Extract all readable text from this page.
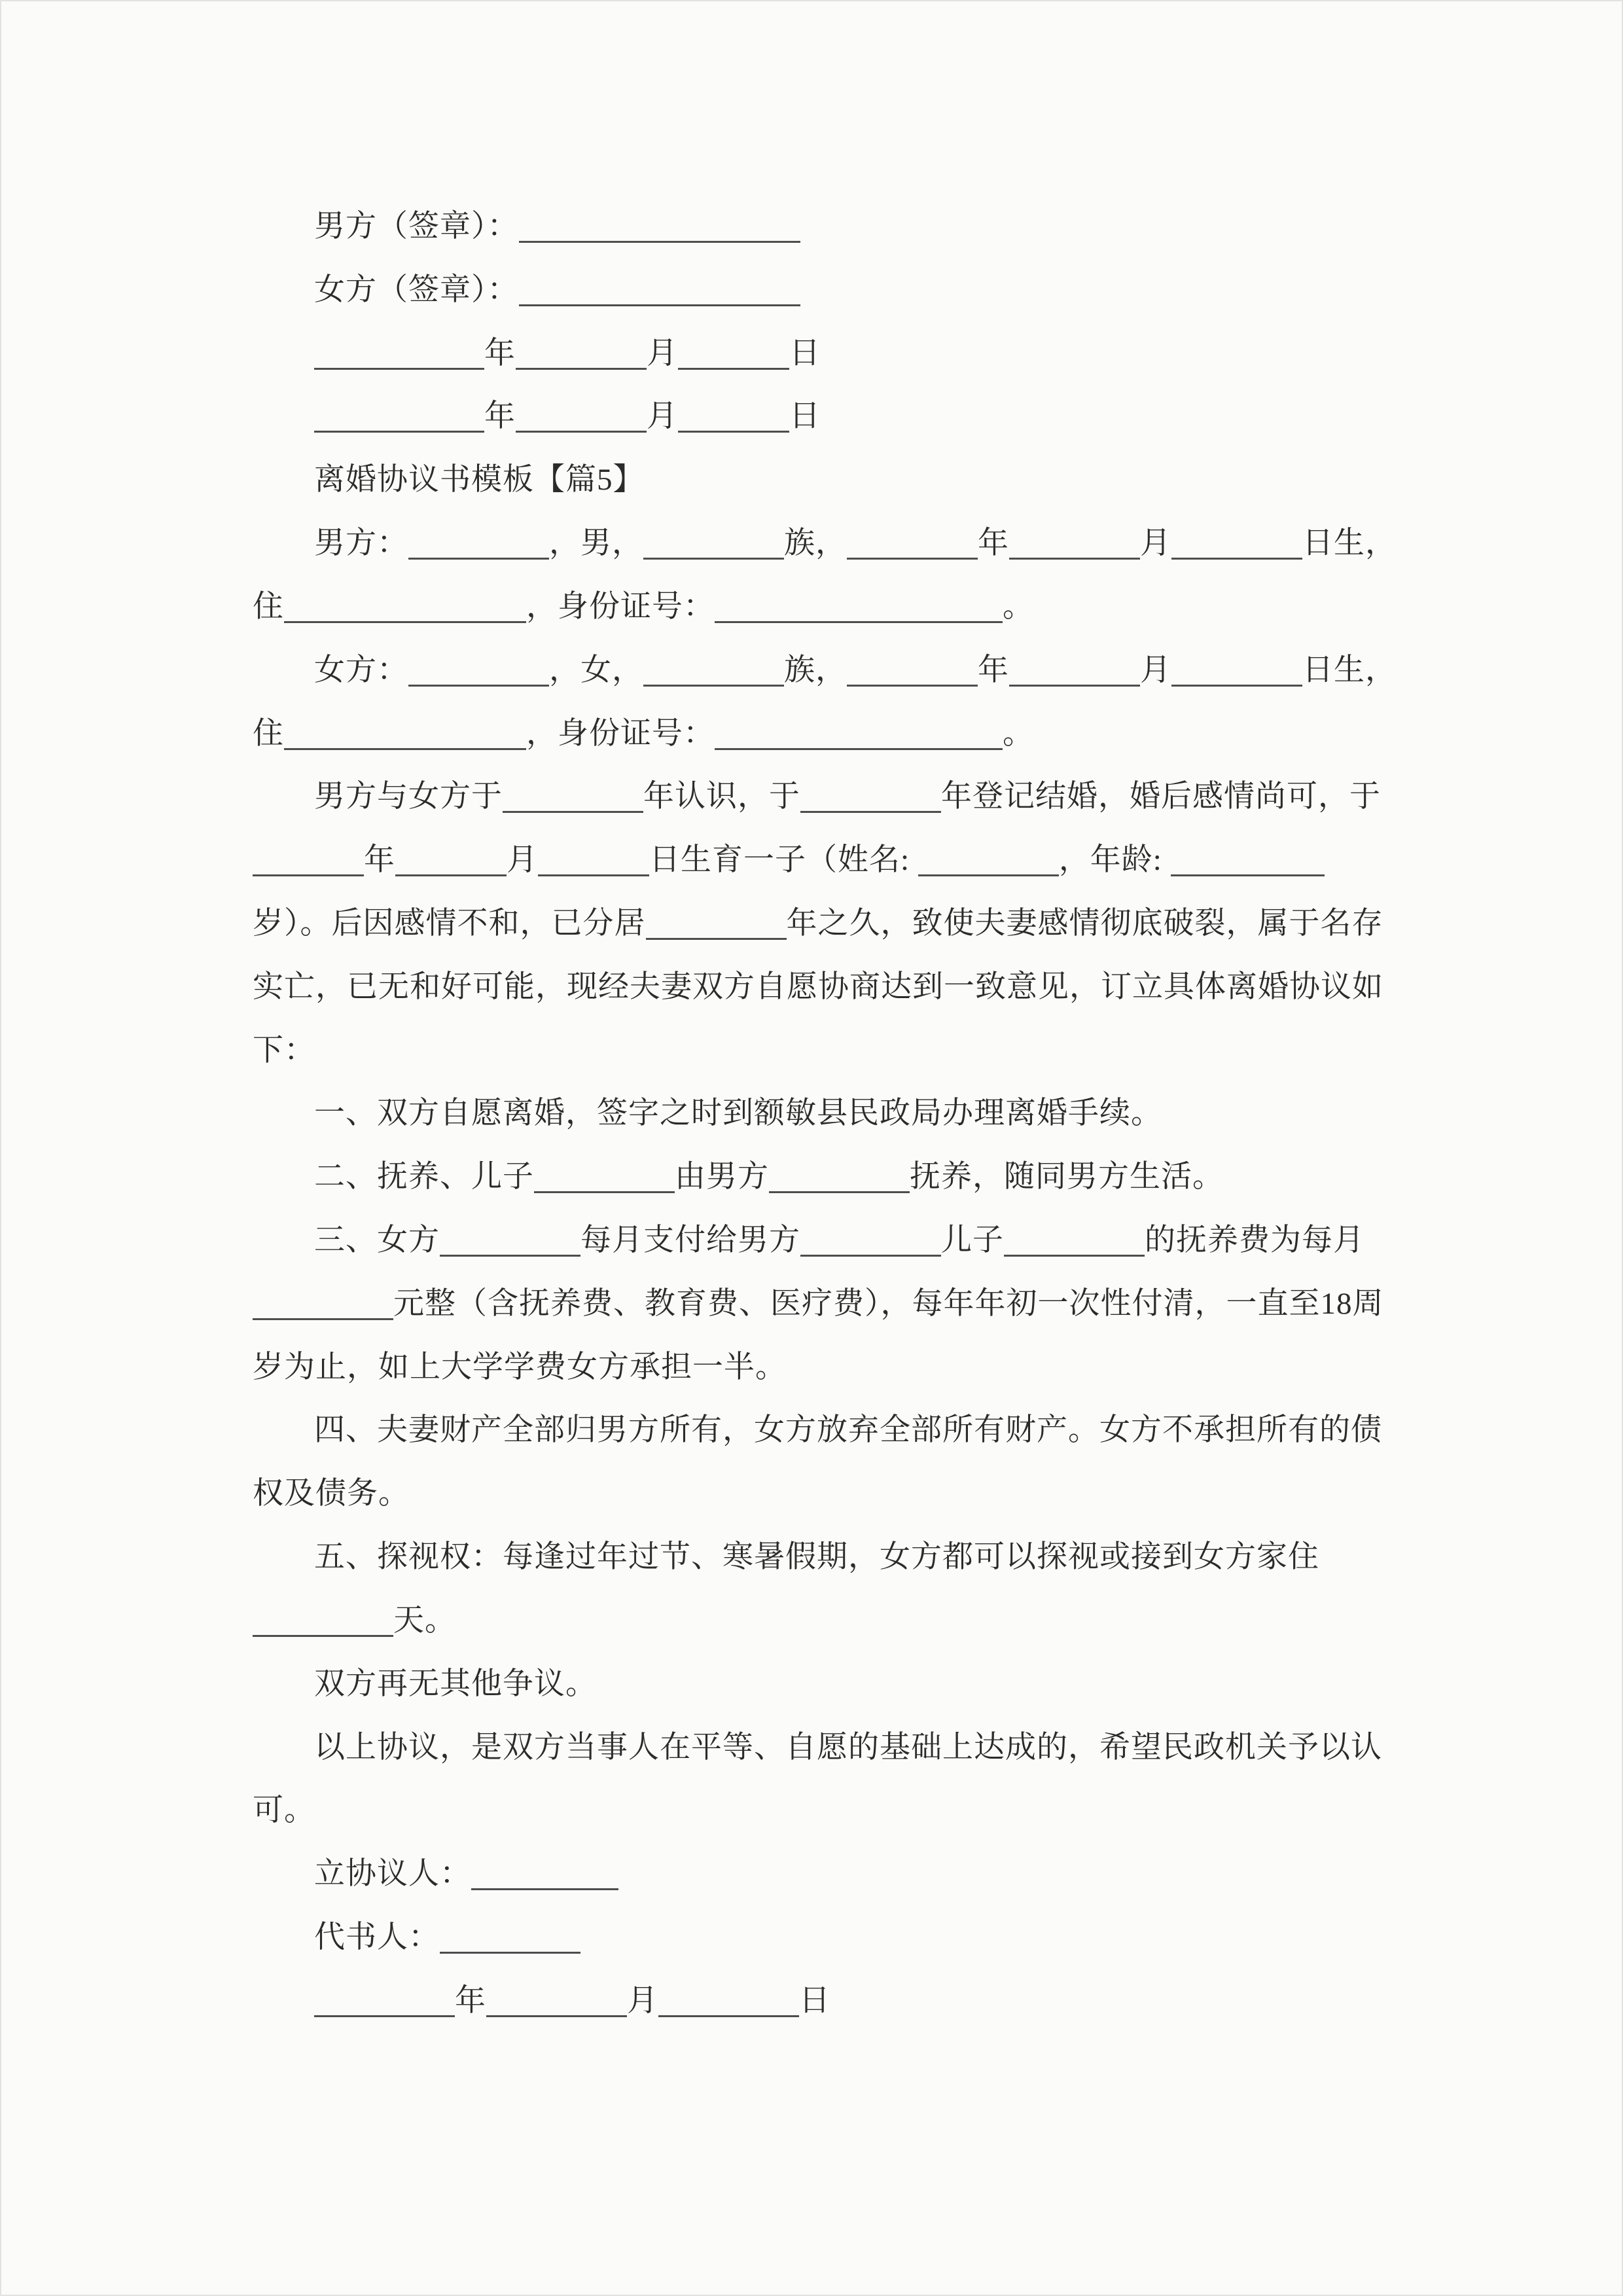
男方（签章）：

女方（签章）：

年	月	日

年	月	日

离婚协议书模板【篇5】

男方：	，男，	族，	年	月	日生，住	，身份证号：	。

女方：	，女，	族，	年	月	日生，住	，身份证号：	。

男方与女方于	年认识，于	年登记结婚，婚后感情尚可，于年	月	日生育一子（姓名:	，年龄: 岁）。后因感情不和，已分居	年之久，致使夫妻感情彻底破裂，属于名存实亡，已无和好可能，现经夫妻双方自愿协商达到一致意见，订立具体离婚协议如下：

一、双方自愿离婚，签字之时到额敏县民政局办理离婚手续。

二、抚养、儿子	由男方	抚养，随同男方生活。

三、女方	每月支付给男方	儿子	的抚养费为每月元整（含抚养费、教育费、医疗费），每年年初一次性付清，一直至18周岁为止，如上大学学费女方承担一半。

四、夫妻财产全部归男方所有，女方放弃全部所有财产。女方不承担所有的债权及债务。

五、探视权：每逢过年过节、寒暑假期，女方都可以探视或接到女方家住天。

双方再无其他争议。

以上协议，是双方当事人在平等、自愿的基础上达成的，希望民政机关予以认可。

立协议人：

代书人：

年	月	日
